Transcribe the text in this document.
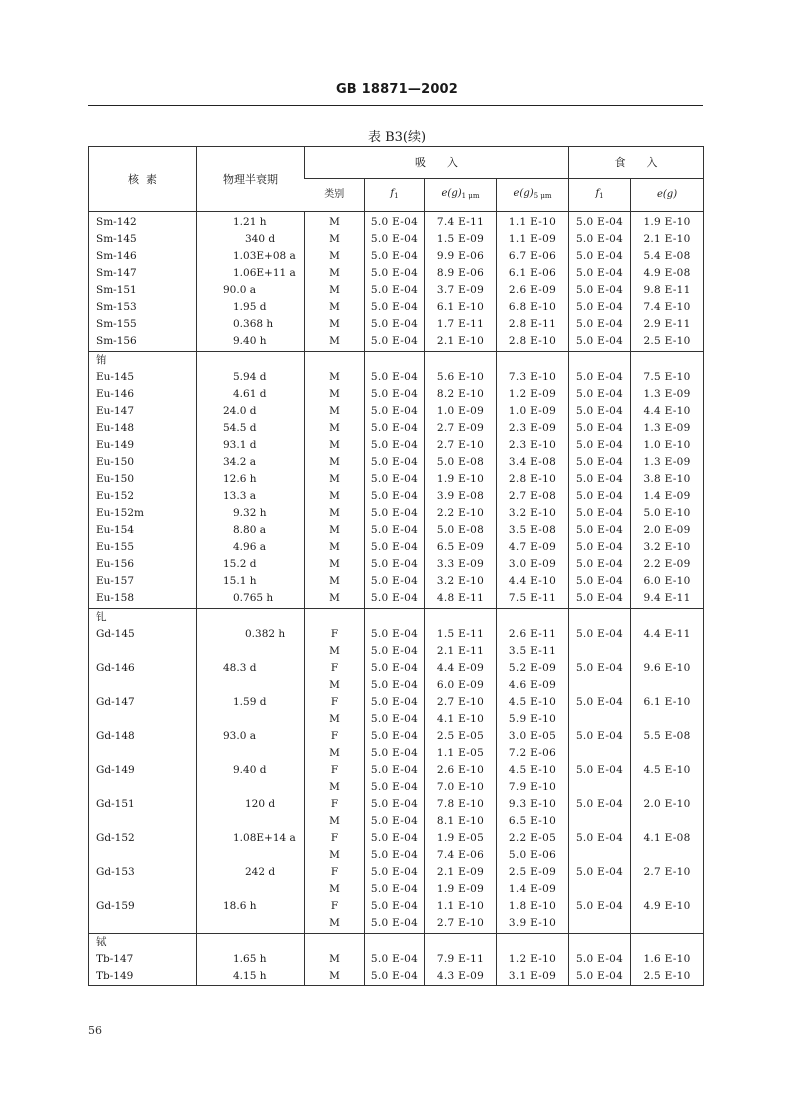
GB 18871—2002
表 B3(续)
核  素	物理半衰期	吸      入				食      入	
		类别	$f_1$	$e(g)_{1 \mu m}$	$e(g)_{5 \mu m}$	$f_1$	e(g)
Sm-142	1.21 h	M	5.0 E-04	7.4 E-11	1.1 E-10	5.0 E-04	1.9 E-10
Sm-145	340 d	M	5.0 E-04	1.5 E-09	1.1 E-09	5.0 E-04	2.1 E-10
Sm-146	1.03E+08 a	M	5.0 E-04	9.9 E-06	6.7 E-06	5.0 E-04	5.4 E-08
Sm-147	1.06E+11 a	M	5.0 E-04	8.9 E-06	6.1 E-06	5.0 E-04	4.9 E-08
Sm-151	90.0 a	M	5.0 E-04	3.7 E-09	2.6 E-09	5.0 E-04	9.8 E-11
Sm-153	1.95 d	M	5.0 E-04	6.1 E-10	6.8 E-10	5.0 E-04	7.4 E-10
Sm-155	0.368 h	M	5.0 E-04	1.7 E-11	2.8 E-11	5.0 E-04	2.9 E-11
Sm-156	9.40 h	M	5.0 E-04	2.1 E-10	2.8 E-10	5.0 E-04	2.5 E-10
铕							
Eu-145	5.94 d	M	5.0 E-04	5.6 E-10	7.3 E-10	5.0 E-04	7.5 E-10
Eu-146	4.61 d	M	5.0 E-04	8.2 E-10	1.2 E-09	5.0 E-04	1.3 E-09
Eu-147	24.0 d	M	5.0 E-04	1.0 E-09	1.0 E-09	5.0 E-04	4.4 E-10
Eu-148	54.5 d	M	5.0 E-04	2.7 E-09	2.3 E-09	5.0 E-04	1.3 E-09
Eu-149	93.1 d	M	5.0 E-04	2.7 E-10	2.3 E-10	5.0 E-04	1.0 E-10
Eu-150	34.2 a	M	5.0 E-04	5.0 E-08	3.4 E-08	5.0 E-04	1.3 E-09
Eu-150	12.6 h	M	5.0 E-04	1.9 E-10	2.8 E-10	5.0 E-04	3.8 E-10
Eu-152	13.3 a	M	5.0 E-04	3.9 E-08	2.7 E-08	5.0 E-04	1.4 E-09
Eu-152m	9.32 h	M	5.0 E-04	2.2 E-10	3.2 E-10	5.0 E-04	5.0 E-10
Eu-154	8.80 a	M	5.0 E-04	5.0 E-08	3.5 E-08	5.0 E-04	2.0 E-09
Eu-155	4.96 a	M	5.0 E-04	6.5 E-09	4.7 E-09	5.0 E-04	3.2 E-10
Eu-156	15.2 d	M	5.0 E-04	3.3 E-09	3.0 E-09	5.0 E-04	2.2 E-09
Eu-157	15.1 h	M	5.0 E-04	3.2 E-10	4.4 E-10	5.0 E-04	6.0 E-10
Eu-158	0.765 h	M	5.0 E-04	4.8 E-11	7.5 E-11	5.0 E-04	9.4 E-11
钆							
Gd-145	0.382 h	F	5.0 E-04	1.5 E-11	2.6 E-11	5.0 E-04	4.4 E-11
		M	5.0 E-04	2.1 E-11	3.5 E-11		
Gd-146	48.3 d	F	5.0 E-04	4.4 E-09	5.2 E-09	5.0 E-04	9.6 E-10
		M	5.0 E-04	6.0 E-09	4.6 E-09		
Gd-147	1.59 d	F	5.0 E-04	2.7 E-10	4.5 E-10	5.0 E-04	6.1 E-10
		M	5.0 E-04	4.1 E-10	5.9 E-10		
Gd-148	93.0 a	F	5.0 E-04	2.5 E-05	3.0 E-05	5.0 E-04	5.5 E-08
		M	5.0 E-04	1.1 E-05	7.2 E-06		
Gd-149	9.40 d	F	5.0 E-04	2.6 E-10	4.5 E-10	5.0 E-04	4.5 E-10
		M	5.0 E-04	7.0 E-10	7.9 E-10		
Gd-151	120 d	F	5.0 E-04	7.8 E-10	9.3 E-10	5.0 E-04	2.0 E-10
		M	5.0 E-04	8.1 E-10	6.5 E-10		
Gd-152	1.08E+14 a	F	5.0 E-04	1.9 E-05	2.2 E-05	5.0 E-04	4.1 E-08
		M	5.0 E-04	7.4 E-06	5.0 E-06		
Gd-153	242 d	F	5.0 E-04	2.1 E-09	2.5 E-09	5.0 E-04	2.7 E-10
		M	5.0 E-04	1.9 E-09	1.4 E-09		
Gd-159	18.6 h	F	5.0 E-04	1.1 E-10	1.8 E-10	5.0 E-04	4.9 E-10
		M	5.0 E-04	2.7 E-10	3.9 E-10		
铽							
Tb-147	1.65 h	M	5.0 E-04	7.9 E-11	1.2 E-10	5.0 E-04	1.6 E-10
Tb-149	4.15 h	M	5.0 E-04	4.3 E-09	3.1 E-09	5.0 E-04	2.5 E-10
56
